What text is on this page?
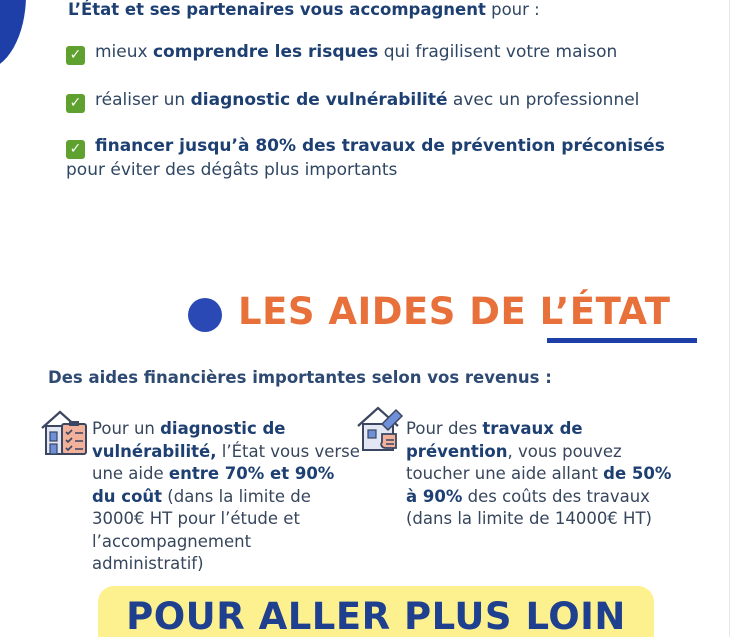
L’État et ses partenaires vous accompagnent pour :
✓ mieux comprendre les risques qui fragilisent votre maison
✓ réaliser un diagnostic de vulnérabilité avec un professionnel
✓ financer jusqu’à 80% des travaux de prévention préconisés
pour éviter des dégâts plus importants
LES AIDES DE L’ÉTAT
Des aides financières importantes selon vos revenus :
Pour un diagnostic de vulnérabilité, l’État vous verse une aide entre 70% et 90% du coût (dans la limite de 3000€ HT pour l’étude et l’accompagnement administratif)
Pour des travaux de prévention, vous pouvez toucher une aide allant de 50% à 90% des coûts des travaux (dans la limite de 14000€ HT)
POUR ALLER PLUS LOIN
